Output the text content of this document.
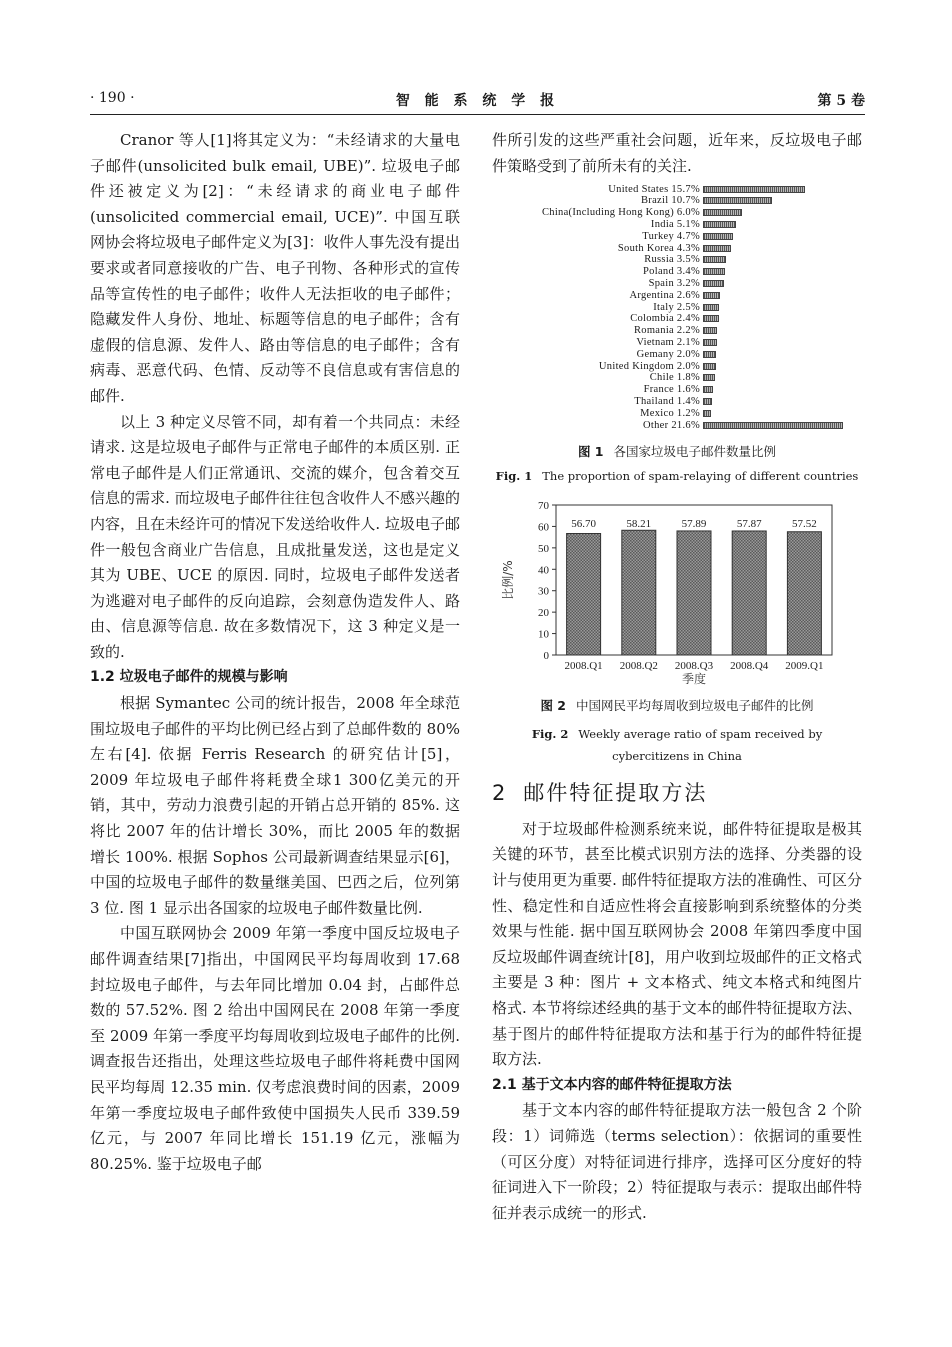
· 190 ·	智 能 系 统 学 报	第 5 卷

Cranor 等人[1]将其定义为：“未经请求的大量电子邮件(unsolicited bulk email, UBE)”. 垃圾电子邮件还被定义为[2]：“未经请求的商业电子邮件(unsolicited commercial email, UCE)”. 中国互联网协会将垃圾电子邮件定义为[3]：收件人事先没有提出要求或者同意接收的广告、电子刊物、各种形式的宣传品等宣传性的电子邮件；收件人无法拒收的电子邮件；隐藏发件人身份、地址、标题等信息的电子邮件；含有虚假的信息源、发件人、路由等信息的电子邮件；含有病毒、恶意代码、色情、反动等不良信息或有害信息的邮件.

以上 3 种定义尽管不同，却有着一个共同点：未经请求. 这是垃圾电子邮件与正常电子邮件的本质区别. 正常电子邮件是人们正常通讯、交流的媒介，包含着交互信息的需求. 而垃圾电子邮件往往包含收件人不感兴趣的内容，且在未经许可的情况下发送给收件人. 垃圾电子邮件一般包含商业广告信息，且成批量发送，这也是定义其为 UBE、UCE 的原因. 同时，垃圾电子邮件发送者为逃避对电子邮件的反向追踪，会刻意伪造发件人、路由、信息源等信息. 故在多数情况下，这 3 种定义是一致的.

1.2 垃圾电子邮件的规模与影响

根据 Symantec 公司的统计报告，2008 年全球范围垃圾电子邮件的平均比例已经占到了总邮件数的 80% 左右[4]. 依据 Ferris Research 的研究估计[5]，2009 年垃圾电子邮件将耗费全球1 300亿美元的开销，其中，劳动力浪费引起的开销占总开销的 85%. 这将比 2007 年的估计增长 30%，而比 2005 年的数据增长 100%. 根据 Sophos 公司最新调查结果显示[6]，中国的垃圾电子邮件的数量继美国、巴西之后，位列第 3 位. 图 1 显示出各国家的垃圾电子邮件数量比例.

中国互联网协会 2009 年第一季度中国反垃圾电子邮件调查结果[7]指出，中国网民平均每周收到 17.68 封垃圾电子邮件，与去年同比增加 0.04 封，占邮件总数的 57.52%. 图 2 给出中国网民在 2008 年第一季度至 2009 年第一季度平均每周收到垃圾电子邮件的比例. 调查报告还指出，处理这些垃圾电子邮件将耗费中国网民平均每周 12.35 min. 仅考虑浪费时间的因素，2009 年第一季度垃圾电子邮件致使中国损失人民币 339.59 亿元，与 2007 年同比增长 151.19 亿元，涨幅为 80.25%. 鉴于垃圾电子邮

件所引发的这些严重社会问题，近年来，反垃圾电子邮件策略受到了前所未有的关注.

United States 15.7%
Brazil 10.7%
China(Including Hong Kong) 6.0%
India 5.1%
Turkey 4.7%
South Korea 4.3%
Russia 3.5%
Poland 3.4%
Spain 3.2%
Argentina 2.6%
Italy 2.5%
Colombia 2.4%
Romania 2.2%
Vietnam 2.1%
Gemany 2.0%
United Kingdom 2.0%
Chile 1.8%
France 1.6%
Thailand 1.4%
Mexico 1.2%
Other 21.6%
图 1 各国家垃圾电子邮件数量比例
Fig. 1 The proportion of spam-relaying of different countries
0
10
20
30
40
50
60
70
比例/%
56.70
2008.Q1
58.21
2008.Q2
57.89
2008.Q3
57.87
2008.Q4
57.52
2009.Q1
季度
图 2 中国网民平均每周收到垃圾电子邮件的比例
Fig. 2 Weekly average ratio of spam received by cybercitizens in China
2 邮件特征提取方法

对于垃圾邮件检测系统来说，邮件特征提取是极其关键的环节，甚至比模式识别方法的选择、分类器的设计与使用更为重要. 邮件特征提取方法的准确性、可区分性、稳定性和自适应性将会直接影响到系统整体的分类效果与性能. 据中国互联网协会 2008 年第四季度中国反垃圾邮件调查统计[8]，用户收到垃圾邮件的正文格式主要是 3 种：图片 + 文本格式、纯文本格式和纯图片格式. 本节将综述经典的基于文本的邮件特征提取方法、基于图片的邮件特征提取方法和基于行为的邮件特征提取方法.

2.1 基于文本内容的邮件特征提取方法

基于文本内容的邮件特征提取方法一般包含 2 个阶段：1）词筛选（terms selection）：依据词的重要性（可区分度）对特征词进行排序，选择可区分度好的特征词进入下一阶段；2）特征提取与表示：提取出邮件特征并表示成统一的形式.
